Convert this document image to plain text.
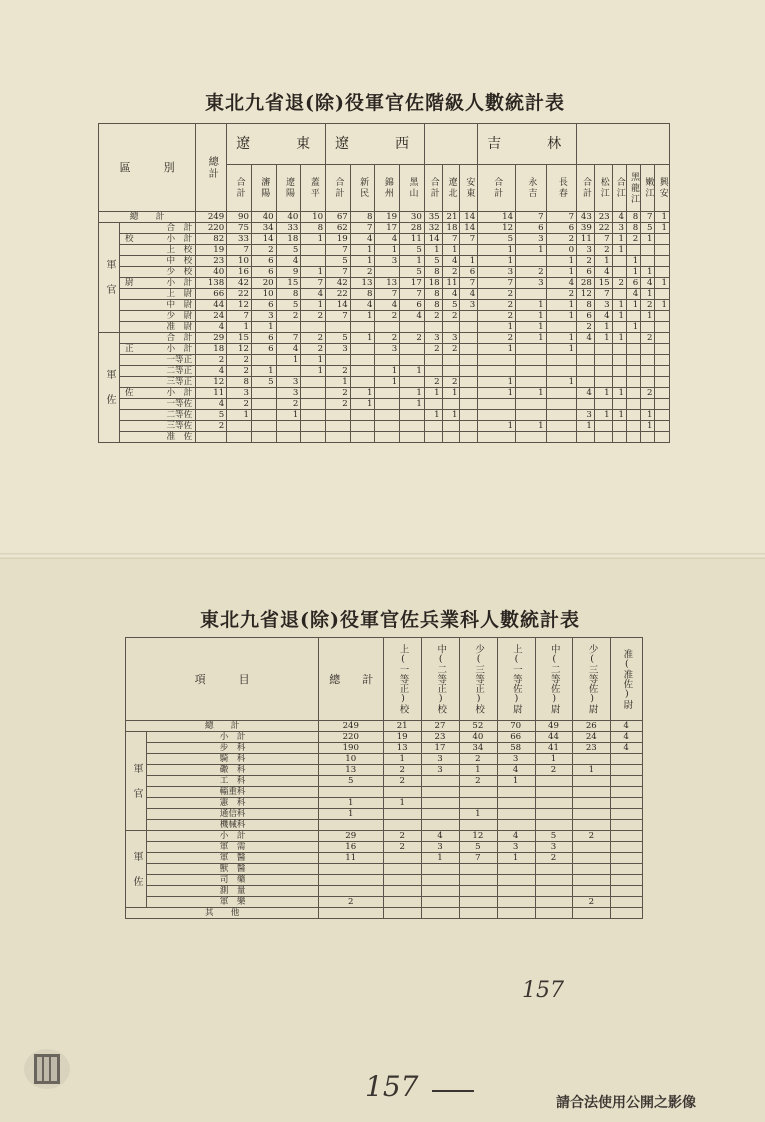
東北九省退(除)役軍官佐階級人數統計表
區　　　別		總計	遼　　東				遼　　西							吉　　林								
			合計	瀋陽	遼陽	蓋平	合計	新民	錦州	黑山	合計	遼北	安東	合計	永吉	長春	合計	松江	合江	黑龍江	嫩江	興安
總　　計		249	90	40	40	10	67	8	19	30	35	21	14	14	7	7	43	23	4	8	7	1
軍 官	合　計	220	75	34	33	8	62	7	17	28	32	18	14	12	6	6	39	22	3	8	5	1

	校 小　計	82	33	14	18	1	19	4	4	11	14	7	7	5	3	2	11	7	1	2	1	
	上　校	19	7	2	5		7	1	1	5	1	1		1	1	0	3	2	1			
	中　校	23	10	6	4		5	1	3	1	5	4	1	1		1	2	1		1		
	少　校	40	16	6	9	1	7	2		5	8	2	6	3	2	1	6	4		1	1	

	尉 小　計	138	42	20	15	7	42	13	13	17	18	11	7	7	3	4	28	15	2	6	4	1
	上　尉	66	22	10	8	4	22	8	7	7	8	4	4	2		2	12	7		4	1	
	中　尉	44	12	6	5	1	14	4	4	6	8	5	3	2	1	1	8	3	1	1	2	1
	少　尉	24	7	3	2	2	7	1	2	4	2	2		2	1	1	6	4	1		1	
	准　尉	4	1	1										1	1		2	1		1		
軍 佐	合　計	29	15	6	7	2	5	1	2	2	3	3		2	1	1	4	1	1		2	

	正 小　計	18	12	6	4	2	3		3		2	2		1		1						
	一等正	2	2		1	1																
	二等正	4	2	1		1	2		1	1												
	三等正	12	8	5	3		1		1		2	2		1		1						

	佐 小　計	11	3		3		2	1		1	1	1		1	1		4	1	1		2	
	一等佐	4	2		2		2	1		1												
	二等佐	5	1		1						1	1					3	1	1		1	
	三等佐	2												1	1		1				1	
	准　佐																					
東北九省退(除)役軍官佐兵業科人數統計表
項　　　目		總　　計	上(一等正)校	中(二等正)校	少(三等正)校	上(一等佐)尉	中(二等佐)尉	少(三等佐)尉	准(准佐)尉
總　　計		249	21	27	52	70	49	26	4
軍 官	小　計	220	19	23	40	66	44	24	4
	步　科	190	13	17	34	58	41	23	4
	騎　科	10	1	3	2	3	1		
	礮　科	13	2	3	1	4	2	1	
	工　科	5	2		2	1			
	輜重科								
	憲　科	1	1						
	通信科	1			1				
	機械科								
軍 佐	小　計	29	2	4	12	4	5	2	
	軍　需	16	2	3	5	3	3		
	軍　醫	11		1	7	1	2		
	獸　醫								
	司　藥								
	測　量								
	軍　樂	2						2	
其　　他									
157
157	請合法使用公開之影像
